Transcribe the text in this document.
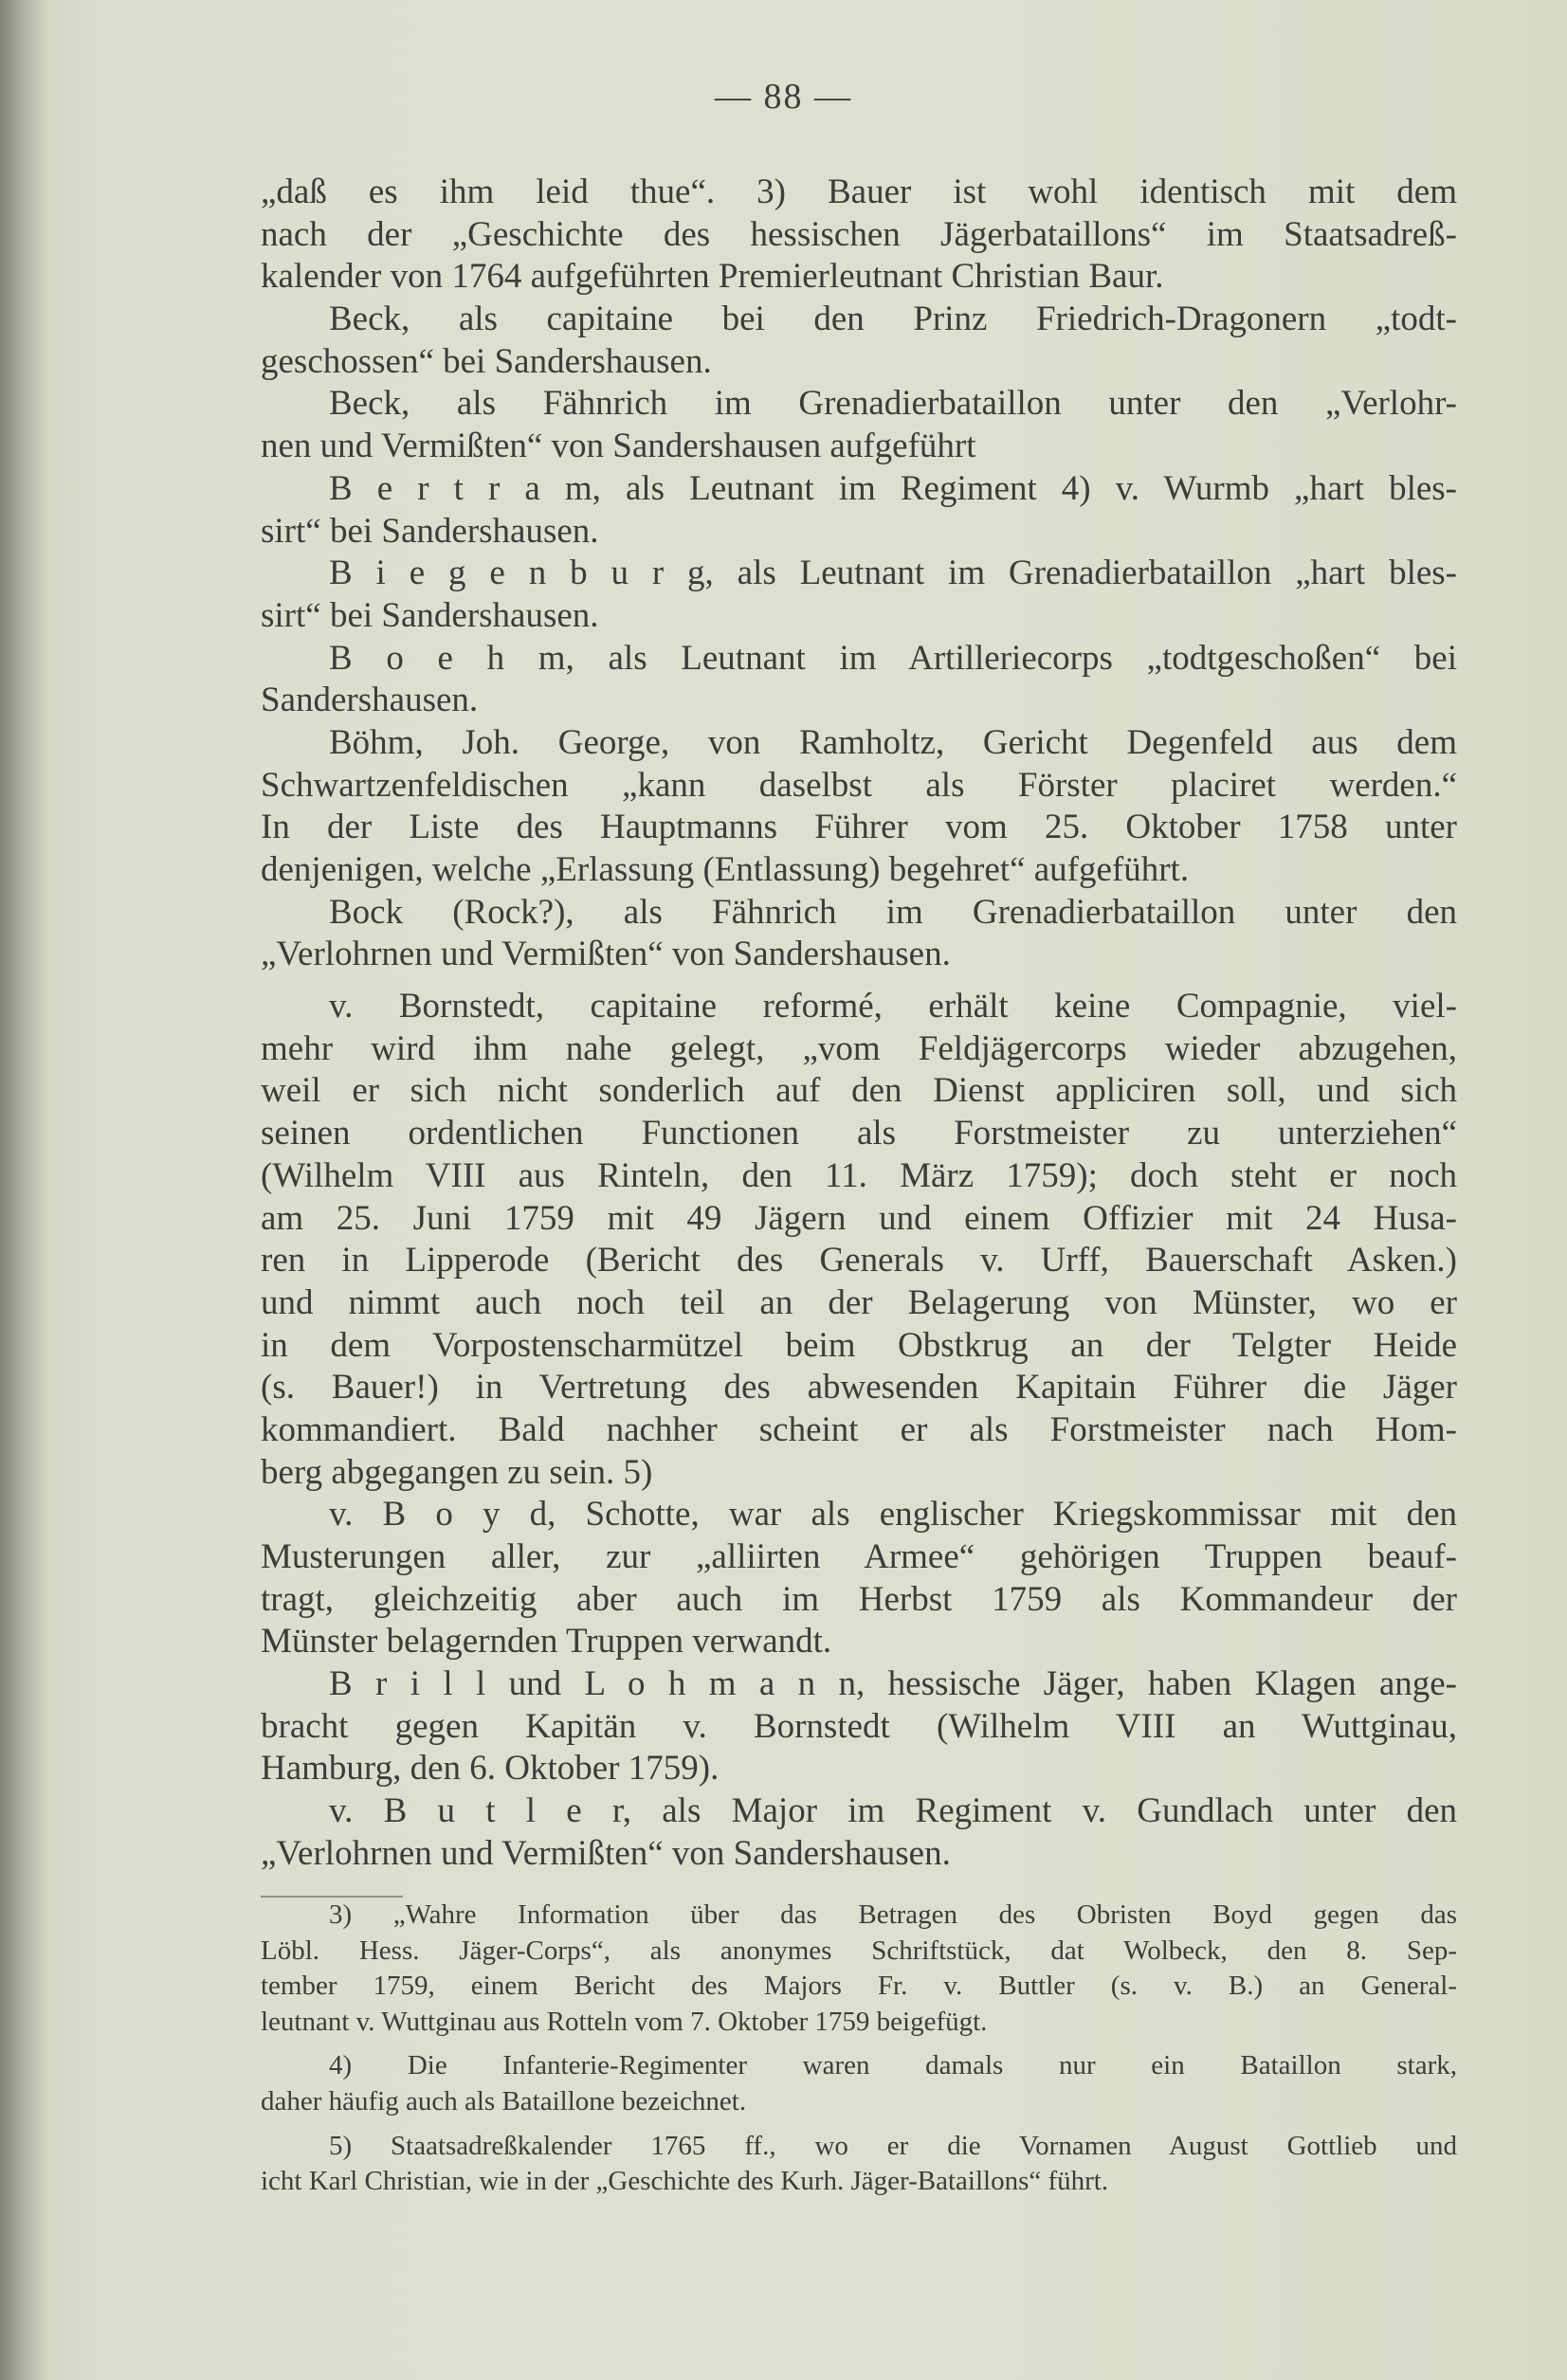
— 88 —
„daß es ihm leid thue“. 3) Bauer ist wohl identisch mit dem
nach der „Geschichte des hessischen Jägerbataillons“ im Staatsadreß-
kalender von 1764 aufgeführten Premierleutnant Christian Baur.
Beck, als capitaine bei den Prinz Friedrich-Dragonern „todt-
geschossen“ bei Sandershausen.
Beck, als Fähnrich im Grenadierbataillon unter den „Verlohr-
nen und Vermißten“ von Sandershausen aufgeführt
B e r t r a m, als Leutnant im Regiment 4) v. Wurmb „hart bles-
sirt“ bei Sandershausen.
B i e g e n b u r g, als Leutnant im Grenadierbataillon „hart bles-
sirt“ bei Sandershausen.
B o e h m, als Leutnant im Artilleriecorps „todtgeschoßen“ bei
Sandershausen.
Böhm, Joh. George, von Ramholtz, Gericht Degenfeld aus dem
Schwartzenfeldischen „kann daselbst als Förster placiret werden.“
In der Liste des Hauptmanns Führer vom 25. Oktober 1758 unter
denjenigen, welche „Erlassung (Entlassung) begehret“ aufgeführt.
Bock (Rock?), als Fähnrich im Grenadierbataillon unter den
„Verlohrnen und Vermißten“ von Sandershausen.
v. Bornstedt, capitaine reformé, erhält keine Compagnie, viel-
mehr wird ihm nahe gelegt, „vom Feldjägercorps wieder abzugehen,
weil er sich nicht sonderlich auf den Dienst appliciren soll, und sich
seinen ordentlichen Functionen als Forstmeister zu unterziehen“
(Wilhelm VIII aus Rinteln, den 11. März 1759); doch steht er noch
am 25. Juni 1759 mit 49 Jägern und einem Offizier mit 24 Husa-
ren in Lipperode (Bericht des Generals v. Urff, Bauerschaft Asken.)
und nimmt auch noch teil an der Belagerung von Münster, wo er
in dem Vorpostenscharmützel beim Obstkrug an der Telgter Heide
(s. Bauer!) in Vertretung des abwesenden Kapitain Führer die Jäger
kommandiert. Bald nachher scheint er als Forstmeister nach Hom-
berg abgegangen zu sein. 5)
v. B o y d, Schotte, war als englischer Kriegskommissar mit den
Musterungen aller, zur „alliirten Armee“ gehörigen Truppen beauf-
tragt, gleichzeitig aber auch im Herbst 1759 als Kommandeur der
Münster belagernden Truppen verwandt.
B r i l l und L o h m a n n, hessische Jäger, haben Klagen ange-
bracht gegen Kapitän v. Bornstedt (Wilhelm VIII an Wuttginau,
Hamburg, den 6. Oktober 1759).
v. B u t l e r, als Major im Regiment v. Gundlach unter den
„Verlohrnen und Vermißten“ von Sandershausen.
3) „Wahre Information über das Betragen des Obristen Boyd gegen das
Löbl. Hess. Jäger-Corps“, als anonymes Schriftstück, dat Wolbeck, den 8. Sep-
tember 1759, einem Bericht des Majors Fr. v. Buttler (s. v. B.) an General-
leutnant v. Wuttginau aus Rotteln vom 7. Oktober 1759 beigefügt.
4) Die Infanterie-Regimenter waren damals nur ein Bataillon stark,
daher häufig auch als Bataillone bezeichnet.
5) Staatsadreßkalender 1765 ff., wo er die Vornamen August Gottlieb und
icht Karl Christian, wie in der „Geschichte des Kurh. Jäger-Bataillons“ führt.
